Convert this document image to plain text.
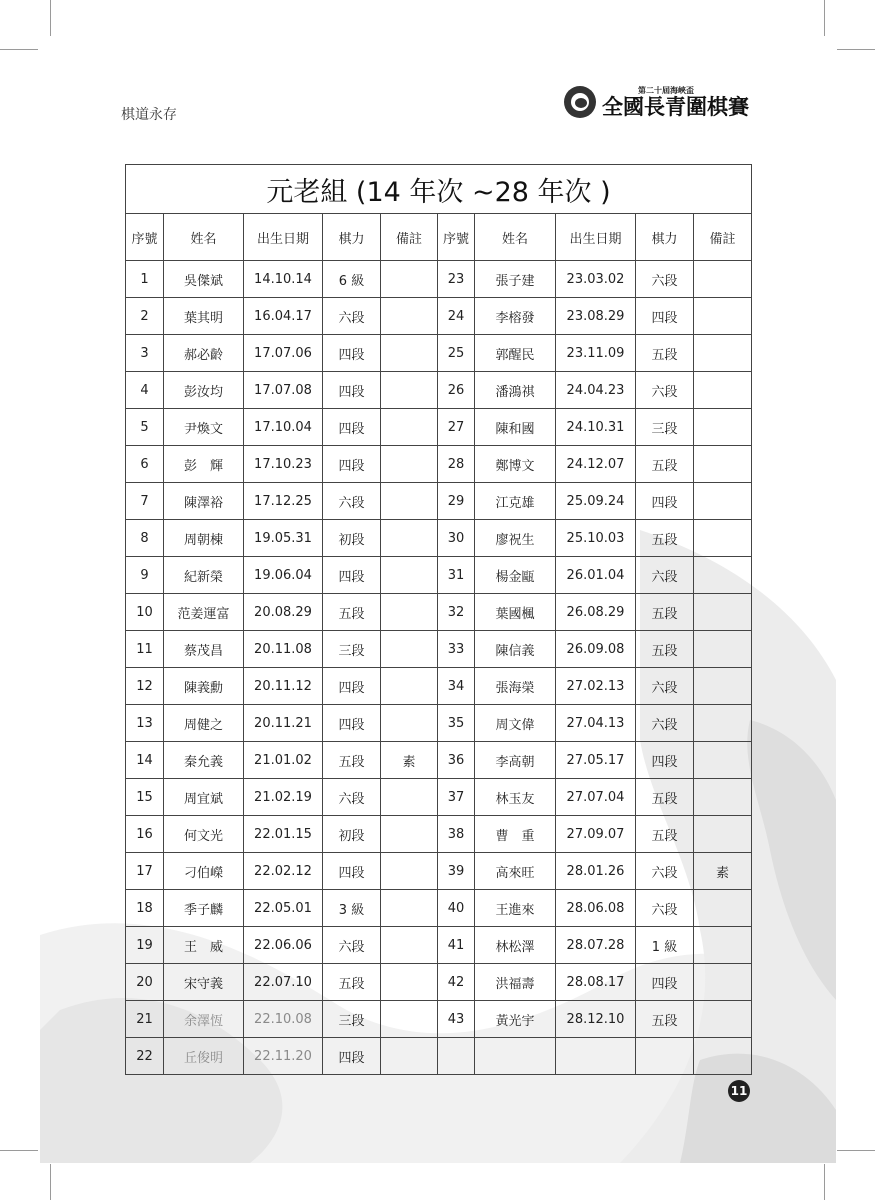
棋道永存
第二十屆海峽盃
全國長青圍棋賽
元老組 (14 年次 ~28 年次 )									
序號	姓名	出生日期	棋力	備註	序號	姓名	出生日期	棋力	備註
1	吳傑斌	14.10.14	6 級		23	張子建	23.03.02	六段	
2	葉其明	16.04.17	六段		24	李榕發	23.08.29	四段	
3	郝必齡	17.07.06	四段		25	郭醒民	23.11.09	五段	
4	彭汝均	17.07.08	四段		26	潘鴻祺	24.04.23	六段	
5	尹煥文	17.10.04	四段		27	陳和國	24.10.31	三段	
6	彭　輝	17.10.23	四段		28	鄭博文	24.12.07	五段	
7	陳澤裕	17.12.25	六段		29	江克雄	25.09.24	四段	
8	周朝棟	19.05.31	初段		30	廖祝生	25.10.03	五段	
9	紀新榮	19.06.04	四段		31	楊金甌	26.01.04	六段	
10	范姜運富	20.08.29	五段		32	葉國楓	26.08.29	五段	
11	蔡茂昌	20.11.08	三段		33	陳信義	26.09.08	五段	
12	陳義勳	20.11.12	四段		34	張海榮	27.02.13	六段	
13	周健之	20.11.21	四段		35	周文偉	27.04.13	六段	
14	秦允義	21.01.02	五段	素	36	李高朝	27.05.17	四段	
15	周宜斌	21.02.19	六段		37	林玉友	27.07.04	五段	
16	何文光	22.01.15	初段		38	曹　重	27.09.07	五段	
17	刁伯嶸	22.02.12	四段		39	高來旺	28.01.26	六段	素
18	季子麟	22.05.01	3 級		40	王進來	28.06.08	六段	
19	王　威	22.06.06	六段		41	林松澤	28.07.28	1 級	
20	宋守義	22.07.10	五段		42	洪福壽	28.08.17	四段	
21	余澤恆	22.10.08	三段		43	黃光宇	28.12.10	五段	
22	丘俊明	22.11.20	四段						
11
